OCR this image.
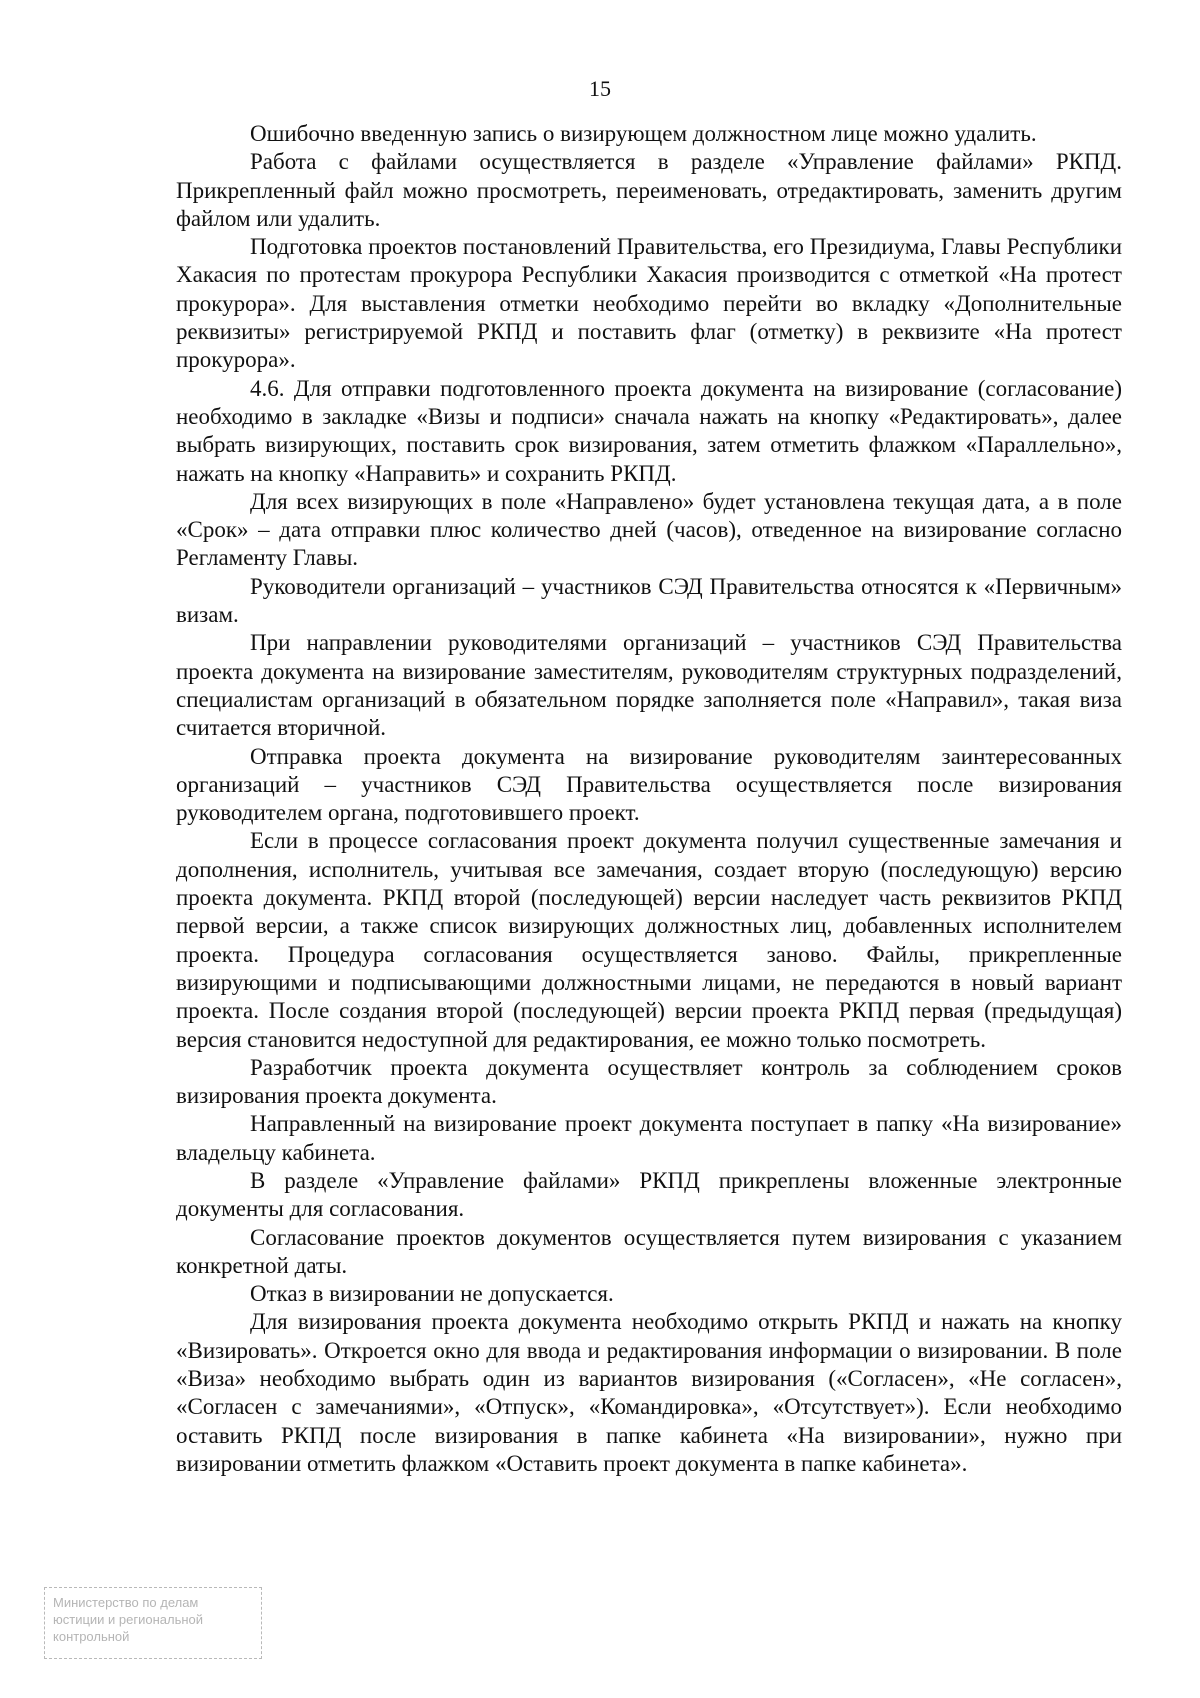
15

Ошибочно введенную запись о визирующем должностном лице можно удалить.

Работа с файлами осуществляется в разделе «Управление файлами» РКПД. Прикрепленный файл можно просмотреть, переименовать, отредактировать, заменить другим файлом или удалить.

Подготовка проектов постановлений Правительства, его Президиума, Главы Республики Хакасия по протестам прокурора Республики Хакасия производится с отметкой «На протест прокурора». Для выставления отметки необходимо перейти во вкладку «Дополнительные реквизиты» регистрируемой РКПД и поставить флаг (отметку) в реквизите «На протест прокурора».

4.6. Для отправки подготовленного проекта документа на визирование (согласование) необходимо в закладке «Визы и подписи» сначала нажать на кнопку «Редактировать», далее выбрать визирующих, поставить срок визирования, затем отметить флажком «Параллельно», нажать на кнопку «Направить» и сохранить РКПД.

Для всех визирующих в поле «Направлено» будет установлена текущая дата, а в поле «Срок» – дата отправки плюс количество дней (часов), отведенное на визирование согласно Регламенту Главы.

Руководители организаций – участников СЭД Правительства относятся к «Первичным» визам.

При направлении руководителями организаций – участников СЭД Правительства проекта документа на визирование заместителям, руководителям структурных подразделений, специалистам организаций в обязательном порядке заполняется поле «Направил», такая виза считается вторичной.

Отправка проекта документа на визирование руководителям заинтересованных организаций – участников СЭД Правительства осуществляется после визирования руководителем органа, подготовившего проект.

Если в процессе согласования проект документа получил существенные замечания и дополнения, исполнитель, учитывая все замечания, создает вторую (последующую) версию проекта документа. РКПД второй (последующей) версии наследует часть реквизитов РКПД первой версии, а также список визирующих должностных лиц, добавленных исполнителем проекта. Процедура согласования осуществляется заново. Файлы, прикрепленные визирующими и подписывающими должностными лицами, не передаются в новый вариант проекта. После создания второй (последующей) версии проекта РКПД первая (предыдущая) версия становится недоступной для редактирования, ее можно только посмотреть.

Разработчик проекта документа осуществляет контроль за соблюдением сроков визирования проекта документа.

Направленный на визирование проект документа поступает в папку «На визирование» владельцу кабинета.

В разделе «Управление файлами» РКПД прикреплены вложенные электронные документы для согласования.

Согласование проектов документов осуществляется путем визирования с указанием конкретной даты.

Отказ в визировании не допускается.

Для визирования проекта документа необходимо открыть РКПД и нажать на кнопку «Визировать». Откроется окно для ввода и редактирования информации о визировании. В поле «Виза» необходимо выбрать один из вариантов визирования («Согласен», «Не согласен», «Согласен с замечаниями», «Отпуск», «Командировка», «Отсутствует»). Если необходимо оставить РКПД после визирования в папке кабинета «На визировании», нужно при визировании отметить флажком «Оставить проект документа в папке кабинета».

Министерство по делам
юстиции и региональной
контрольной
